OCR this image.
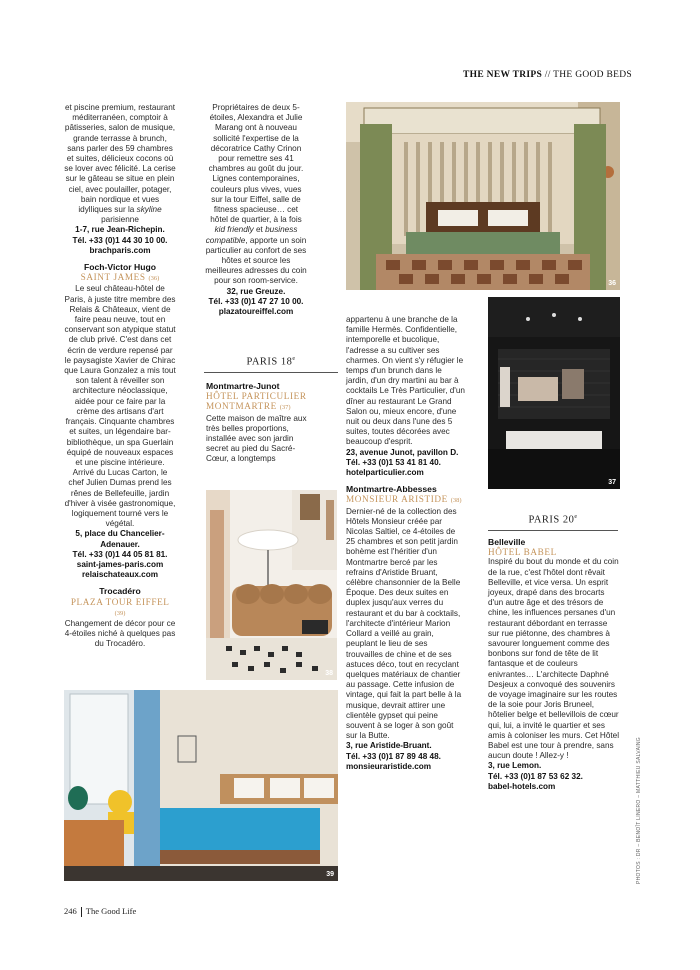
THE NEW TRIPS // THE GOOD BEDS

et piscine premium, restaurant méditerranéen, comptoir à pâtisseries, salon de musique, grande terrasse à brunch, sans parler des 59 chambres et suites, délicieux cocons où se lover avec félicité. La cerise sur le gâteau se situe en plein ciel, avec poulailler, potager, bain nordique et vues idylliques sur la skyline parisienne

1-7, rue Jean-Richepin.

Tél. +33 (0)1 44 30 10 00.

brachparis.com

Foch-Victor Hugo

SAINT JAMES (36)

Le seul château-hôtel de Paris, à juste titre membre des Relais & Châteaux, vient de faire peau neuve, tout en conservant son atypique statut de club privé. C'est dans cet écrin de verdure repensé par le paysagiste Xavier de Chirac que Laura Gonzalez a mis tout son talent à réveiller son architecture néoclassique, aidée pour ce faire par la crème des artisans d'art français. Cinquante chambres et suites, un légendaire bar-bibliothèque, un spa Guerlain équipé de nouveaux espaces et une piscine intérieure. Arrivé du Lucas Carton, le chef Julien Dumas prend les rênes de Bellefeuille, jardin d'hiver à visée gastronomique, logiquement tourné vers le végétal.

5, place du Chancelier-Adenauer.

Tél. +33 (0)1 44 05 81 81.

saint-james-paris.com

relaischateaux.com

Trocadéro

PLAZA TOUR EIFFEL (39)

Changement de décor pour ce 4-étoiles niché à quelques pas du Trocadéro.

Propriétaires de deux 5-étoiles, Alexandra et Julie Marang ont à nouveau sollicité l'expertise de la décoratrice Cathy Crinon pour remettre ses 41 chambres au goût du jour. Lignes contemporaines, couleurs plus vives, vues sur la tour Eiffel, salle de fitness spacieuse… cet hôtel de quartier, à la fois kid friendly et business compatible, apporte un soin particulier au confort de ses hôtes et source les meilleures adresses du coin pour son room-service.

32, rue Greuze.

Tél. +33 (0)1 47 27 10 00.

plazatoureiffel.com

PARIS 18e

Montmartre-Junot

HÔTEL PARTICULIER

MONTMARTRE (37)

Cette maison de maître aux très belles proportions, installée avec son jardin secret au pied du Sacré-Cœur, a longtemps

appartenu à une branche de la famille Hermès. Confidentielle, intemporelle et bucolique, l'adresse a su cultiver ses charmes. On vient s'y réfugier le temps d'un brunch dans le jardin, d'un dry martini au bar à cocktails Le Très Particulier, d'un dîner au restaurant Le Grand Salon ou, mieux encore, d'une nuit ou deux dans l'une des 5 suites, toutes décorées avec beaucoup d'esprit.

23, avenue Junot, pavillon D.

Tél. +33 (0)1 53 41 81 40.

hotelparticulier.com

Montmartre-Abbesses

MONSIEUR ARISTIDE (38)

Dernier-né de la collection des Hôtels Monsieur créée par Nicolas Saltiel, ce 4-étoiles de 25 chambres et son petit jardin bohème est l'héritier d'un Montmartre bercé par les refrains d'Aristide Bruant, célèbre chansonnier de la Belle Époque. Des deux suites en duplex jusqu'aux verres du restaurant et du bar à cocktails, l'architecte d'intérieur Marion Collard a veillé au grain, peuplant le lieu de ses trouvailles de chine et de ses astuces déco, tout en recyclant quelques matériaux de chantier au passage. Cette infusion de vintage, qui fait la part belle à la musique, devrait attirer une clientèle gypset qui peine souvent à se loger à son goût sur la Butte.

3, rue Aristide-Bruant.

Tél. +33 (0)1 87 89 48 48.

monsieuraristide.com

PARIS 20e

Belleville

HÔTEL BABEL

Inspiré du bout du monde et du coin de la rue, c'est l'hôtel dont rêvait Belleville, et vice versa. Un esprit joyeux, drapé dans des brocarts d'un autre âge et des trésors de chine, les influences persanes d'un restaurant débordant en terrasse sur rue piétonne, des chambres à savourer longuement comme des bonbons sur fond de tête de lit fantasque et de couleurs enivrantes… L'architecte Daphné Desjeux a convoqué des souvenirs de voyage imaginaire sur les routes de la soie pour Joris Bruneel, hôtelier belge et bellevillois de cœur qui, lui, a invité le quartier et ses amis à coloniser les murs. Cet Hôtel Babel est une tour à prendre, sans aucun doute ! Allez-y !

3, rue Lemon.

Tél. +33 (0)1 87 53 62 32.

babel-hotels.com

36
37
38
39	PHOTOS : DR – BENOÎT LINERO – MATTHIEU SALVAING
246 The Good Life
